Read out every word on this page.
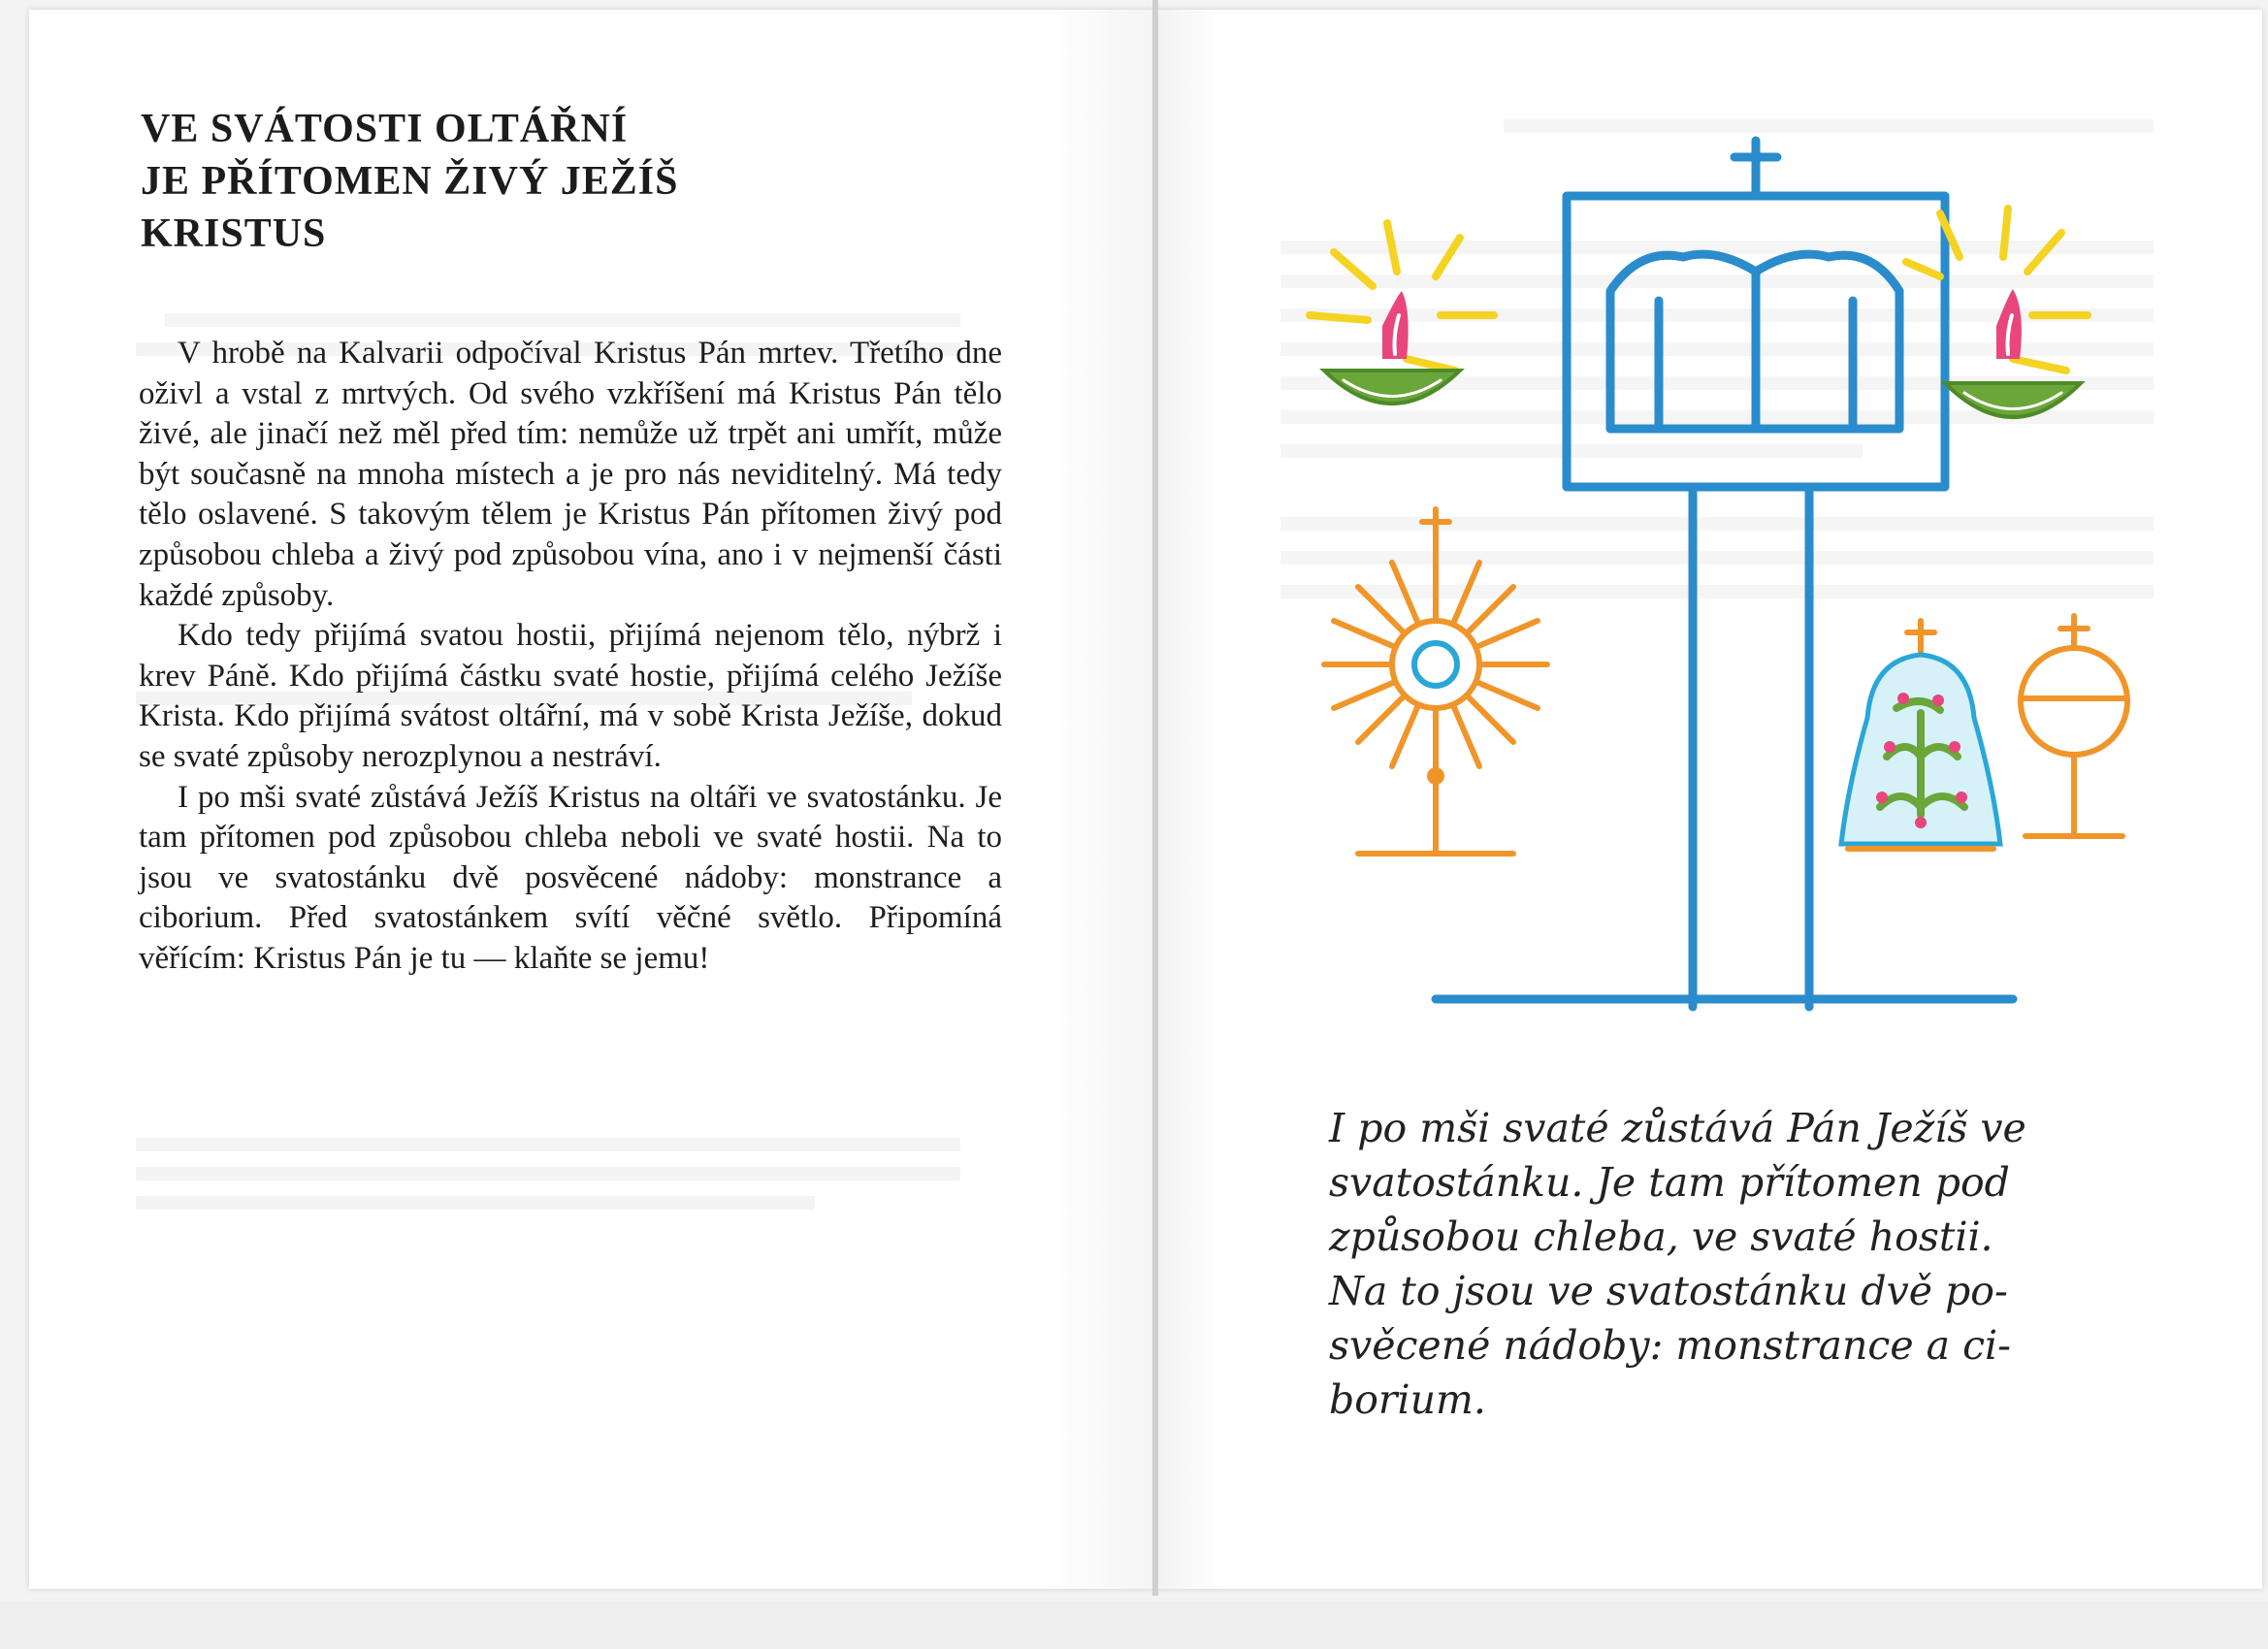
VE SVÁTOSTI OLTÁŘNÍ
JE PŘÍTOMEN ŽIVÝ JEŽÍŠ
KRISTUS

V hrobě na Kalvarii odpočíval Kristus Pán mrtev. Třetího dne oživl a vstal z mrtvých. Od svého vzkříšení má Kristus Pán tělo živé, ale jinačí než měl před tím: nemůže už trpět ani umřít, může být současně na mnoha místech a je pro nás neviditelný. Má tedy tělo oslavené. S takovým tělem je Kristus Pán přítomen živý pod způsobou chleba a živý pod způsobou vína, ano i v nejmenší části každé způsoby.

Kdo tedy přijímá svatou hostii, přijímá nejenom tělo, nýbrž i krev Páně. Kdo přijímá částku svaté hostie, přijímá celého Ježíše Krista. Kdo přijímá svátost oltářní, má v sobě Krista Ježíše, dokud se svaté způsoby nerozplynou a nestráví.

I po mši svaté zůstává Ježíš Kristus na oltáři ve svatostánku. Je tam přítomen pod způsobou chleba neboli ve svaté hostii. Na to jsou ve svatostánku dvě posvěcené nádoby: monstrance a ciborium. Před svatostánkem svítí věčné světlo. Připomíná věřícím: Kristus Pán je tu — klaňte se jemu!

I po mši svaté zůstává Pán Ježíš ve
svatostánku. Je tam přítomen pod
způsobou chleba, ve svaté hostii.
Na to jsou ve svatostánku dvě po-
svěcené nádoby: monstrance a ci-
borium.
